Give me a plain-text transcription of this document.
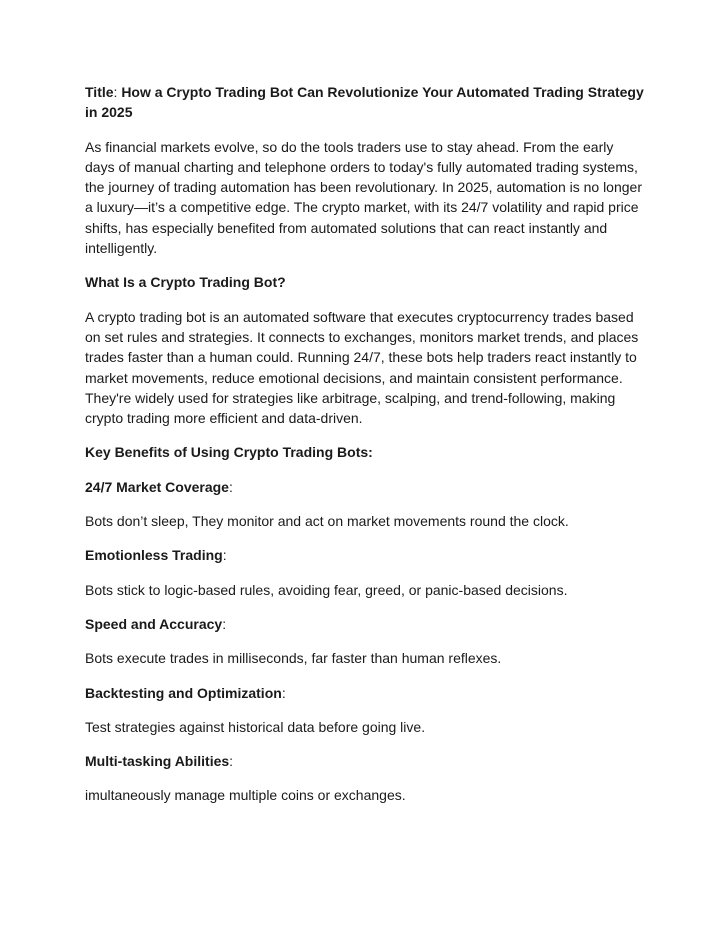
Title: How a Crypto Trading Bot Can Revolutionize Your Automated Trading Strategy in 2025

As financial markets evolve, so do the tools traders use to stay ahead. From the early days of manual charting and telephone orders to today's fully automated trading systems, the journey of trading automation has been revolutionary. In 2025, automation is no longer a luxury—it’s a competitive edge. The crypto market, with its 24/7 volatility and rapid price shifts, has especially benefited from automated solutions that can react instantly and intelligently.

What Is a Crypto Trading Bot?

A crypto trading bot is an automated software that executes cryptocurrency trades based on set rules and strategies. It connects to exchanges, monitors market trends, and places trades faster than a human could. Running 24/7, these bots help traders react instantly to market movements, reduce emotional decisions, and maintain consistent performance. They're widely used for strategies like arbitrage, scalping, and trend-following, making crypto trading more efficient and data-driven.

Key Benefits of Using Crypto Trading Bots:

24/7 Market Coverage:

Bots don’t sleep, They monitor and act on market movements round the clock.

Emotionless Trading:

Bots stick to logic-based rules, avoiding fear, greed, or panic-based decisions.

Speed and Accuracy:

Bots execute trades in milliseconds, far faster than human reflexes.

Backtesting and Optimization:

Test strategies against historical data before going live.

Multi-tasking Abilities:

imultaneously manage multiple coins or exchanges.
